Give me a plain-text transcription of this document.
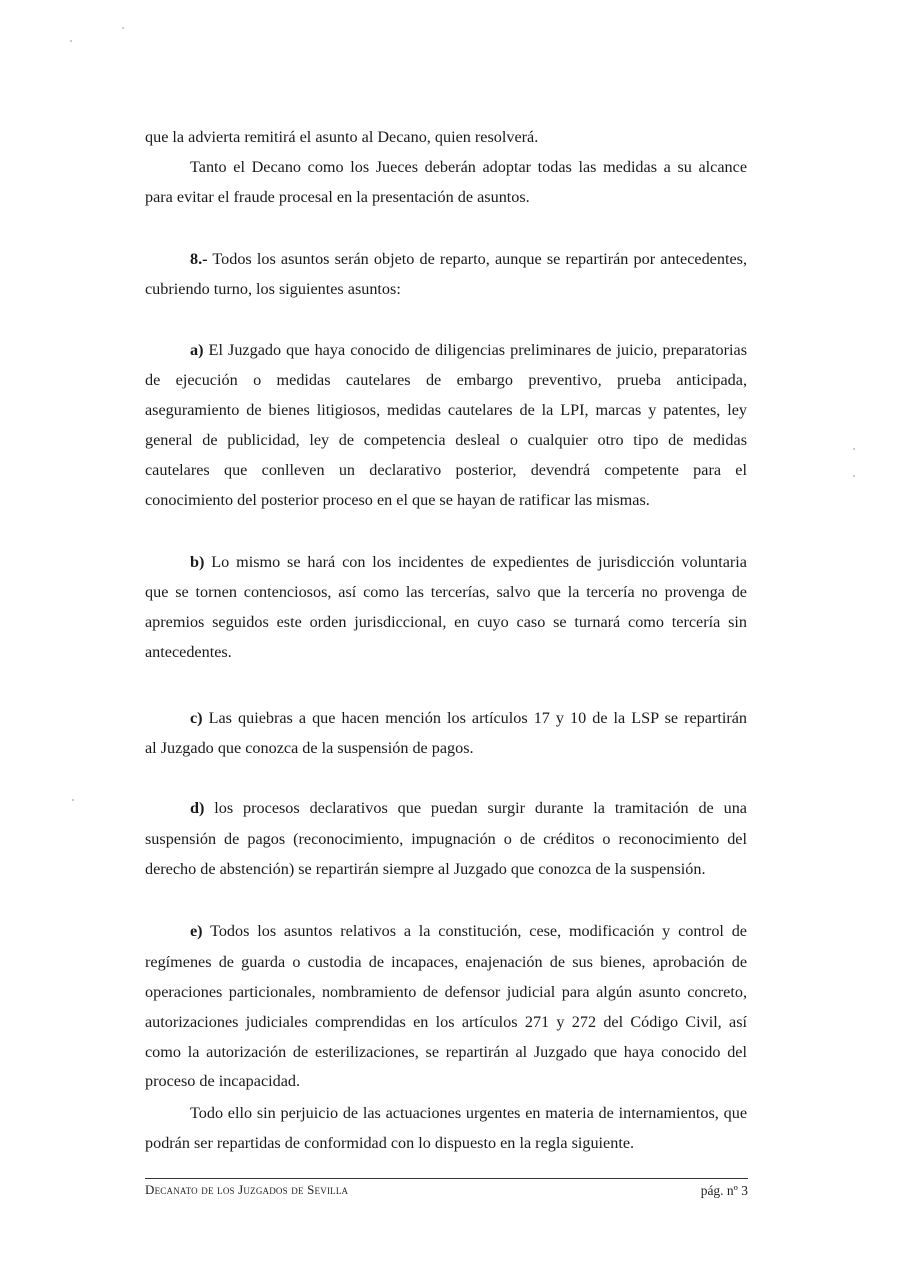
que la advierta remitirá el asunto al Decano, quien resolverá.
Tanto el Decano como los Jueces deberán adoptar todas las medidas a su alcance
para evitar el fraude procesal en la presentación de asuntos.
8.- Todos los asuntos serán objeto de reparto, aunque se repartirán por antecedentes,
cubriendo turno, los siguientes asuntos:
a) El Juzgado que haya conocido de diligencias preliminares de juicio, preparatorias
de ejecución o medidas cautelares de embargo preventivo, prueba anticipada,
aseguramiento de bienes litigiosos, medidas cautelares de la LPI, marcas y patentes, ley
general de publicidad, ley de competencia desleal o cualquier otro tipo de medidas
cautelares que conlleven un declarativo posterior, devendrá competente para el
conocimiento del posterior proceso en el que se hayan de ratificar las mismas.
b) Lo mismo se hará con los incidentes de expedientes de jurisdicción voluntaria
que se tornen contenciosos, así como las tercerías, salvo que la tercería no provenga de
apremios seguidos este orden jurisdiccional, en cuyo caso se turnará como tercería sin
antecedentes.
c) Las quiebras a que hacen mención los artículos 17 y 10 de la LSP se repartirán
al Juzgado que conozca de la suspensión de pagos.
d) los procesos declarativos que puedan surgir durante la tramitación de una
suspensión de pagos (reconocimiento, impugnación o de créditos o reconocimiento del
derecho de abstención) se repartirán siempre al Juzgado que conozca de la suspensión.
e) Todos los asuntos relativos a la constitución, cese, modificación y control de
regímenes de guarda o custodia de incapaces, enajenación de sus bienes, aprobación de
operaciones particionales, nombramiento de defensor judicial para algún asunto concreto,
autorizaciones judiciales comprendidas en los artículos 271 y 272 del Código Civil, así
como la autorización de esterilizaciones, se repartirán al Juzgado que haya conocido del
proceso de incapacidad.
Todo ello sin perjuicio de las actuaciones urgentes en materia de internamientos, que
podrán ser repartidas de conformidad con lo dispuesto en la regla siguiente.
Decanato de los Juzgados de Sevilla	pág. nº 3
